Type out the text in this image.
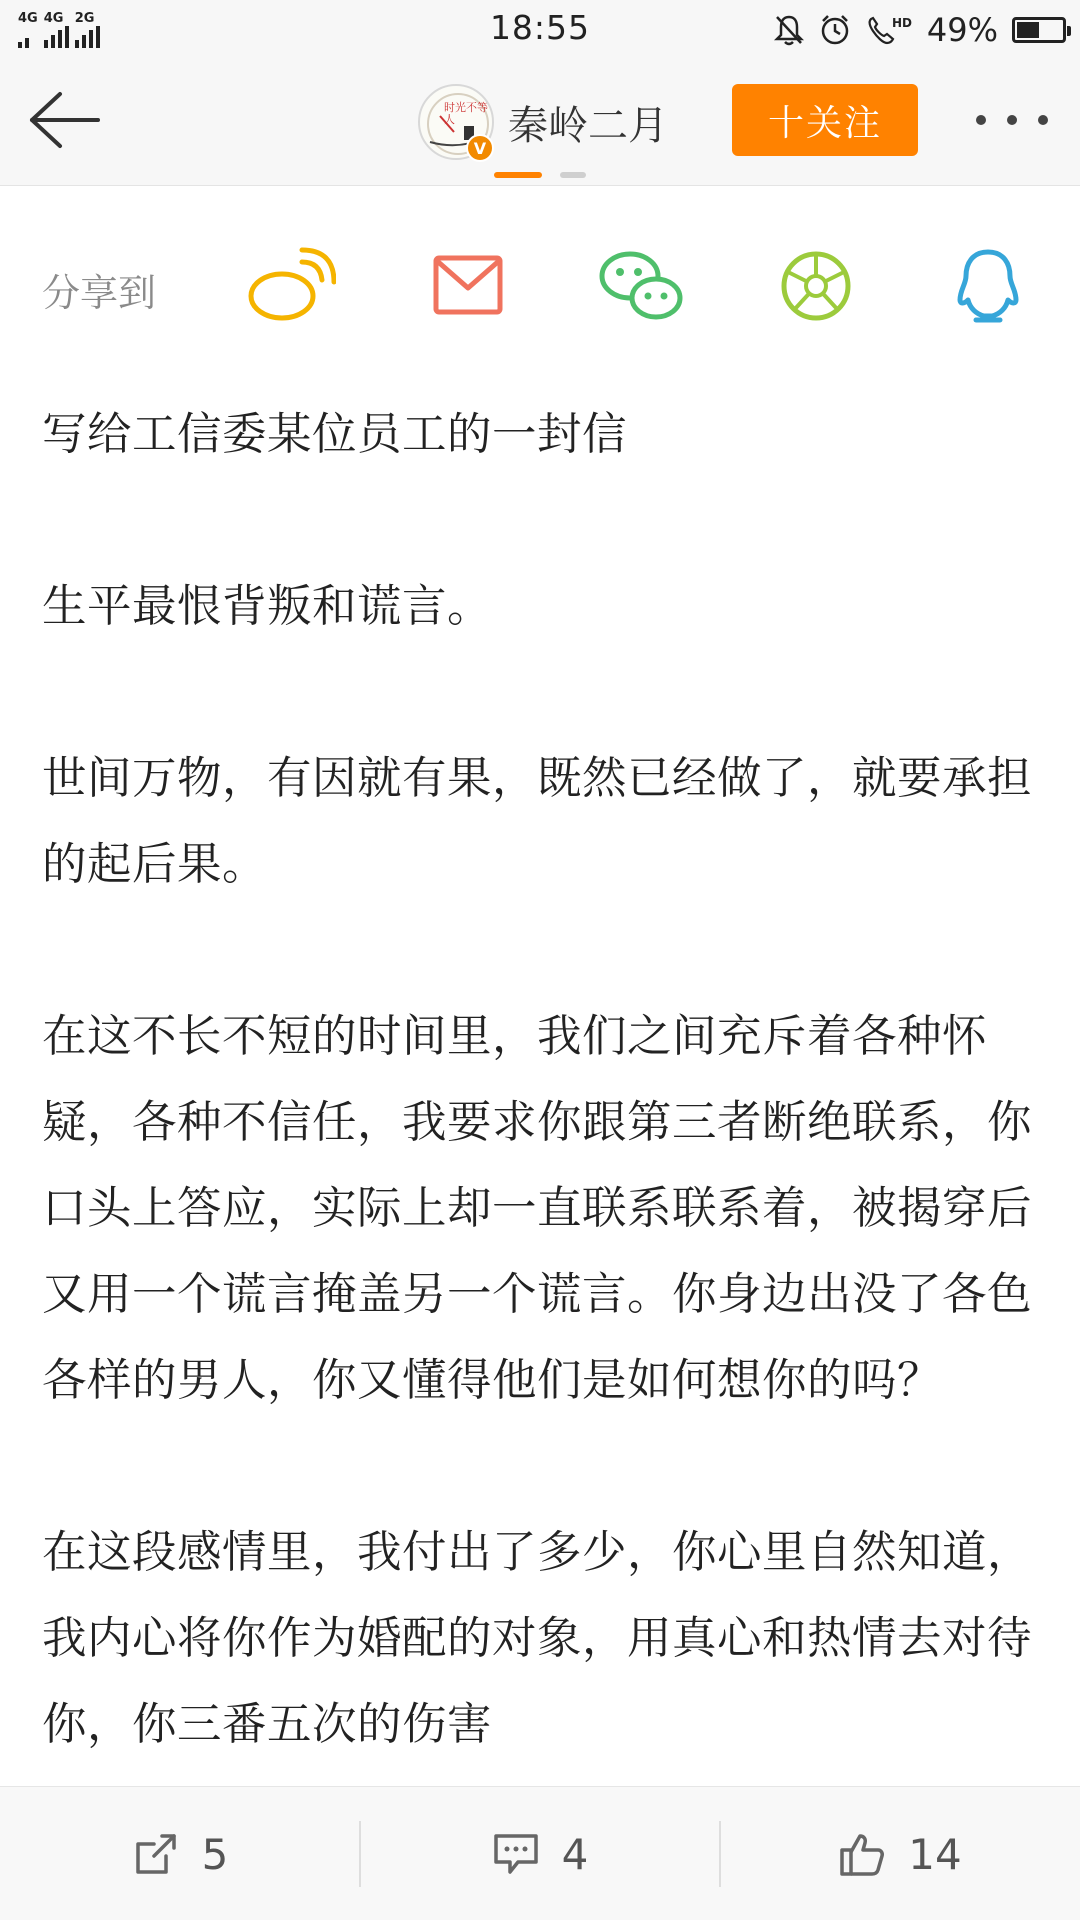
4G 4G 2G	18:55	HD 49%
时光不等人
V 秦岭二月	十关注
分享到

写给工信委某位员工的一封信

生平最恨背叛和谎言。

世间万物，有因就有果，既然已经做了，就要承担的起后果。

在这不长不短的时间里，我们之间充斥着各种怀疑，各种不信任，我要求你跟第三者断绝联系，你口头上答应，实际上却一直联系联系着，被揭穿后又用一个谎言掩盖另一个谎言。你身边出没了各色各样的男人，你又懂得他们是如何想你的吗？

在这段感情里，我付出了多少，你心里自然知道，我内心将你作为婚配的对象，用真心和热情去对待你，你三番五次的伤害

5	4	14
